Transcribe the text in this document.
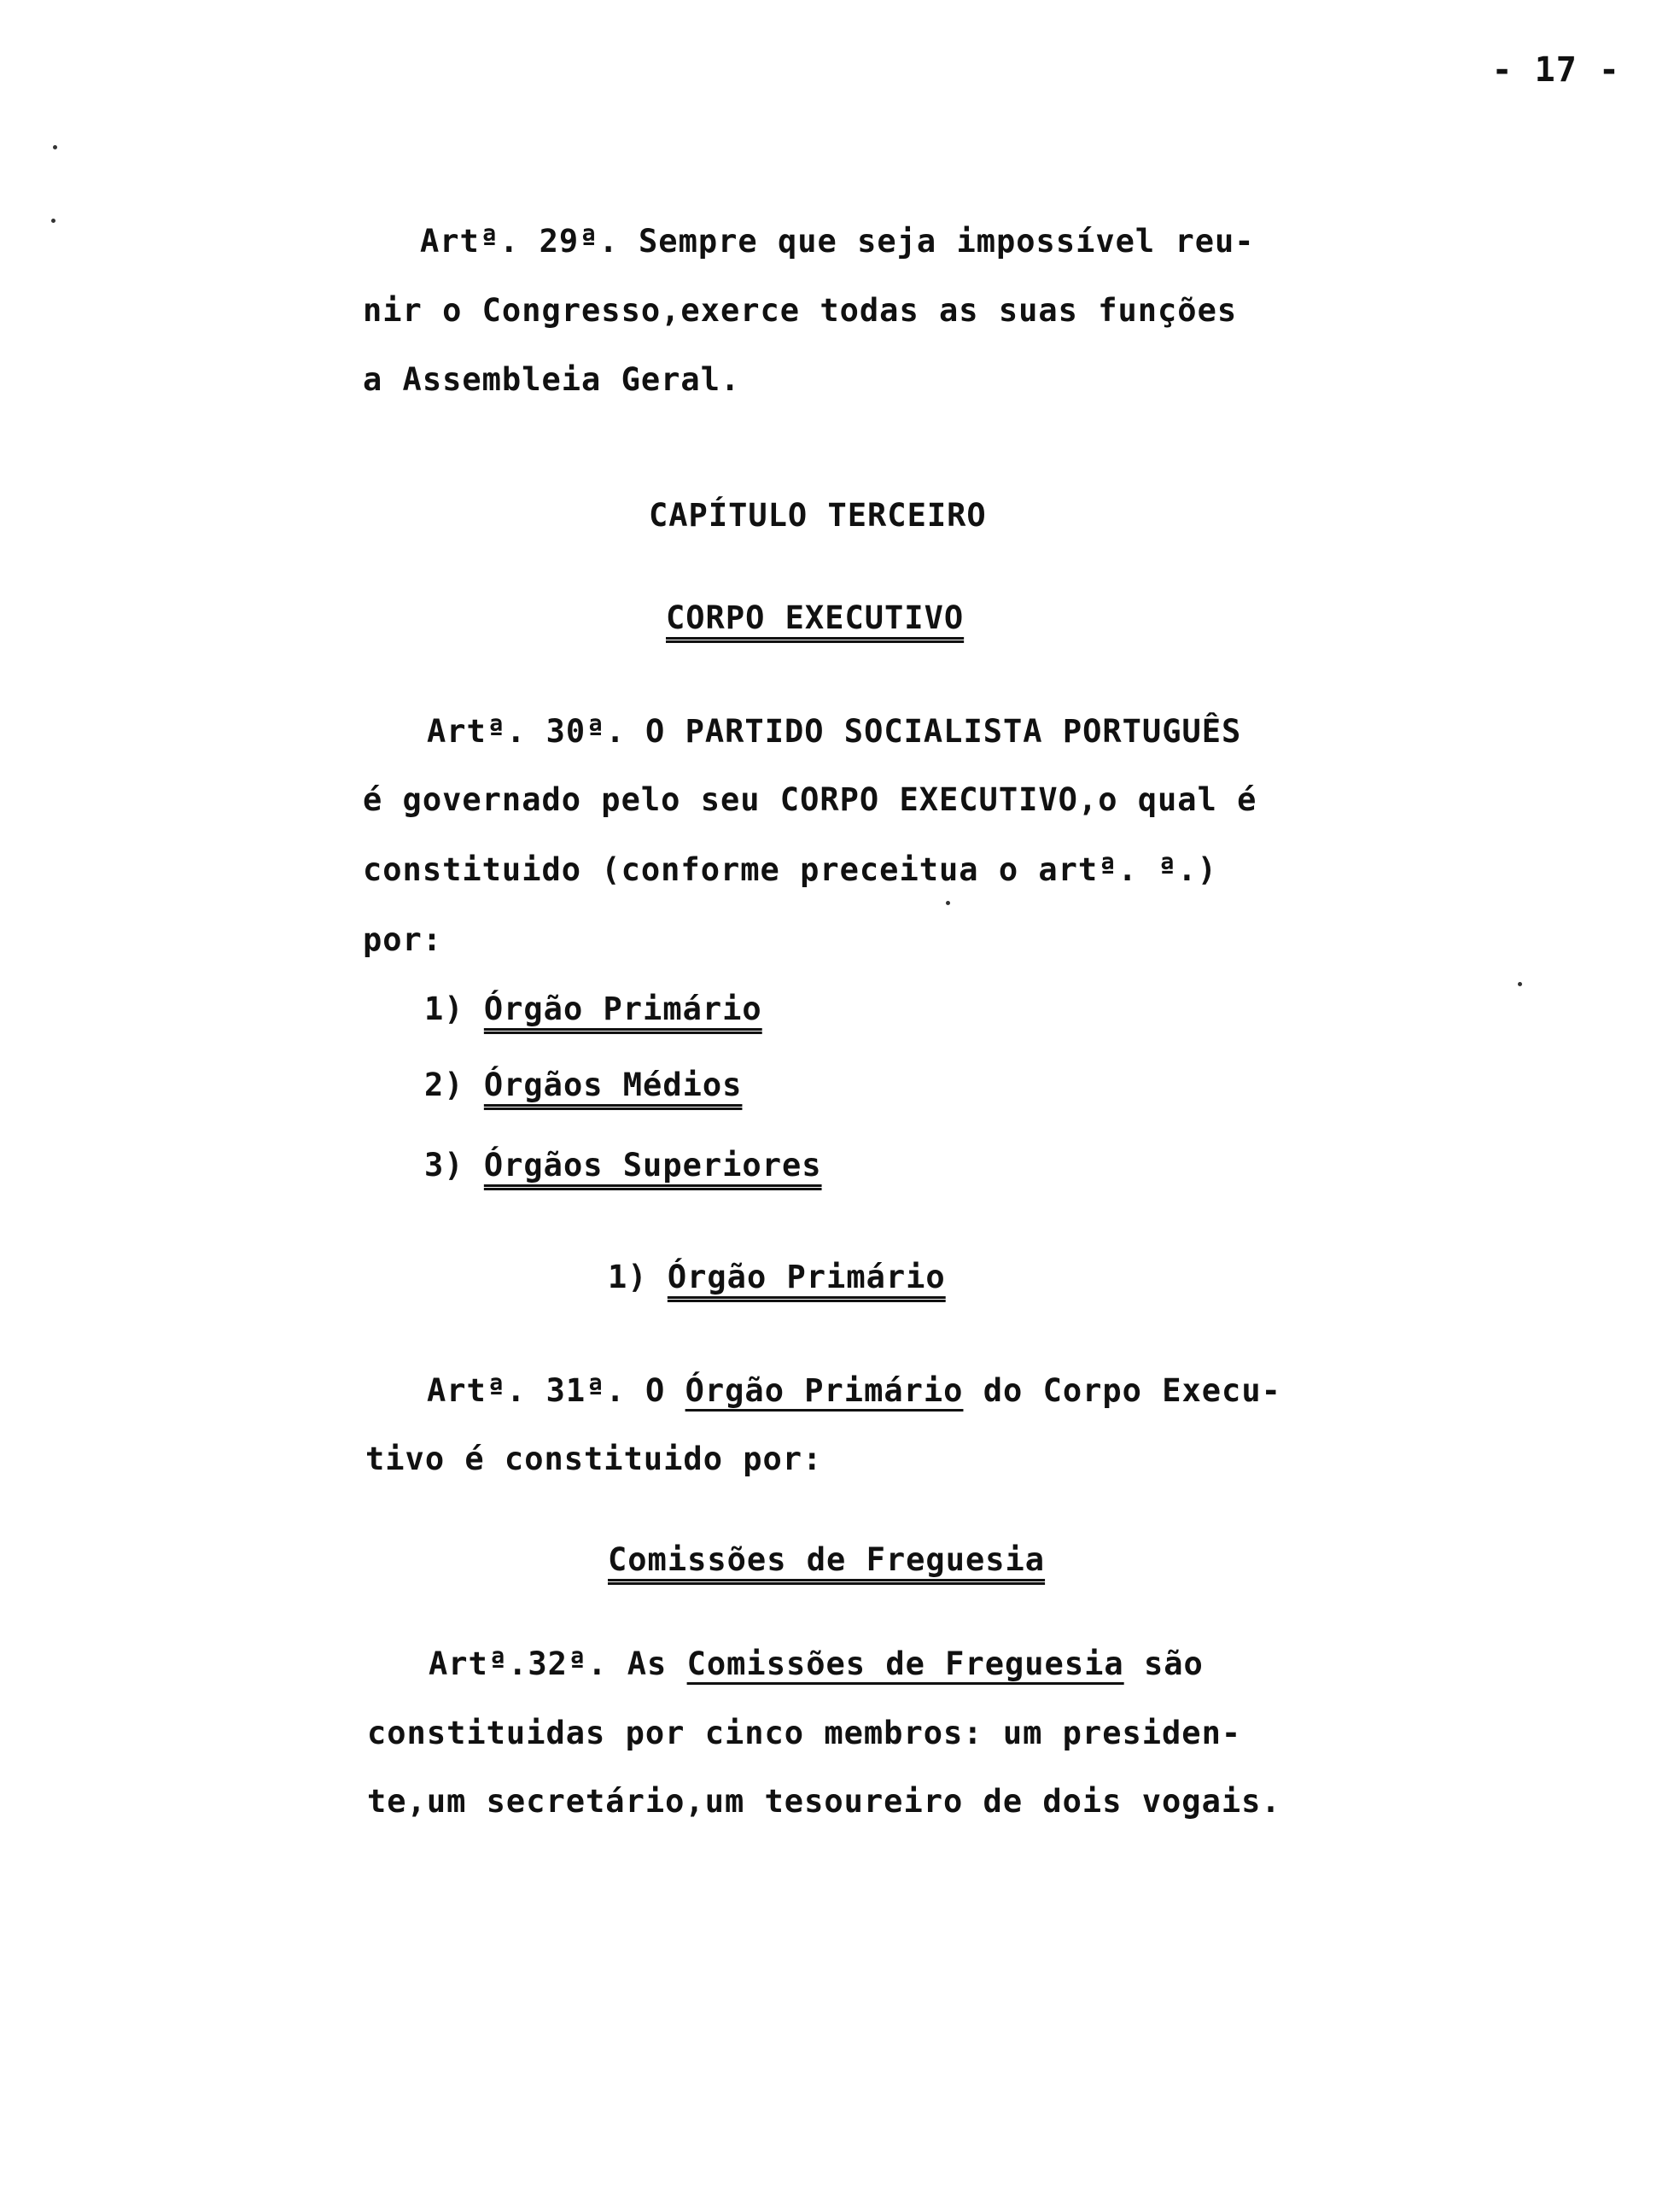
- 17 -
Artª. 29ª. Sempre que seja impossível reu-
nir o Congresso,exerce todas as suas funções
a Assembleia Geral.
CAPÍTULO TERCEIRO
CORPO EXECUTIVO
Artª. 30ª. O PARTIDO SOCIALISTA PORTUGUÊS
é governado pelo seu CORPO EXECUTIVO,o qual é
constituido (conforme preceitua o artª. ª.)
por:
1) Órgão Primário
2) Órgãos Médios
3) Órgãos Superiores
1) Órgão Primário
Artª. 31ª. O Órgão Primário do Corpo Execu-
tivo é constituido por:
Comissões de Freguesia
Artª.32ª. As Comissões de Freguesia são
constituidas por cinco membros: um presiden-
te,um secretário,um tesoureiro de dois vogais.
